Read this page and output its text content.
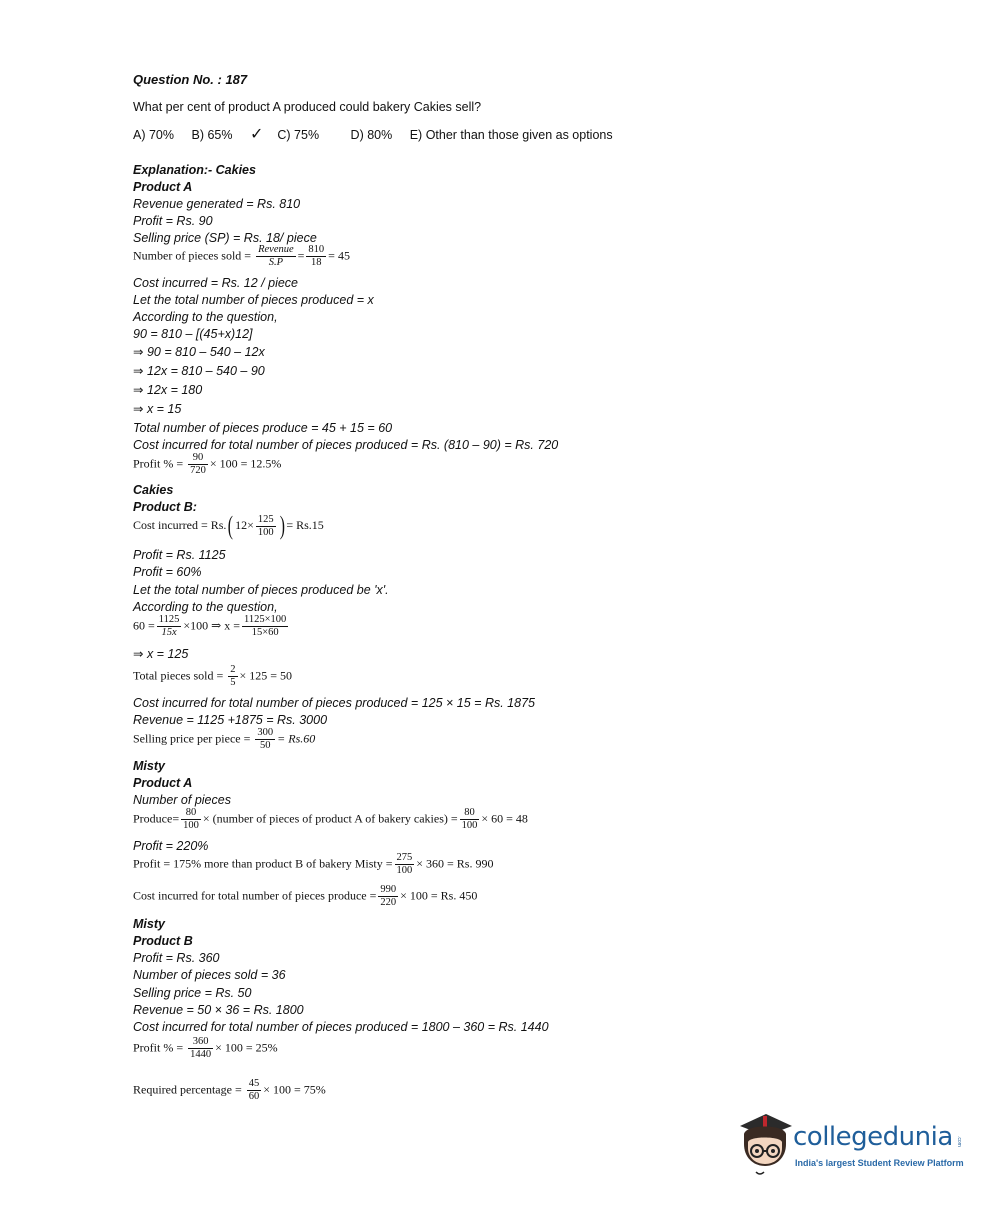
Question No. : 187
What per cent of product A produced could bakery Cakies sell?
A) 70% B) 65% ✓ C) 75%	D) 80% E) Other than those given as options
Explanation:- Cakies
Product A
Revenue generated = Rs. 810
Profit = Rs. 90
Selling price (SP) = Rs. 18/ piece
Number of pieces sold = $\frac{\text{Revenue}}{S.P} = \frac{810}{18} = 45$
Cost incurred = Rs. 12 / piece
Let the total number of pieces produced = x
According to the question,
90 = 810 – [(45+x)12]
⇒ 90 = 810 – 540 – 12x
⇒ 12x = 810 – 540 – 90
⇒ 12x = 180
⇒ x = 15
Total number of pieces produce = 45 + 15 = 60
Cost incurred for total number of pieces produced = Rs. (810 – 90) = Rs. 720
Profit % = $\frac{90}{720} \times 100 = 12.5\%$
Cakies
Product B:
Cost incurred = Rs.( $12\times \frac{125}{100}$ ) = Rs.15
Profit = Rs. 1125
Profit = 60%
Let the total number of pieces produced be 'x'.
According to the question,
$60 = \frac{1125}{15x} \times 100$ ⇒ $x = \frac{1125\times 100}{15\times 60}$
⇒ x = 125
Total pieces sold = $\frac{2}{5} \times 125 = 50$
Cost incurred for total number of pieces produced = 125 × 15 = Rs. 1875
Revenue = 1125 +1875 = Rs. 3000
Selling price per piece = $\frac{300}{50} = Rs.60$
Misty
Product A
Number of pieces
Produce= $\frac{80}{100}$ × (number of pieces of product A of bakery cakies) = $\frac{80}{100} \times 60 = 48$
Profit = 220%
Profit = 175% more than product B of bakery Misty = $\frac{275}{100} \times 360 = Rs$. 990
Cost incurred for total number of pieces produce = $\frac{990}{220} \times 100 = Rs$. 450
Misty
Product B
Profit = Rs. 360
Number of pieces sold = 36
Selling price = Rs. 50
Revenue = 50 × 36 = Rs. 1800
Cost incurred for total number of pieces produced = 1800 – 360 = Rs. 1440
Profit % = $\frac{360}{1440} \times 100 = 25\%$
Required percentage = $\frac{45}{60} \times 100 = 75\%$
collegedunia .com
India's largest Student Review Platform
